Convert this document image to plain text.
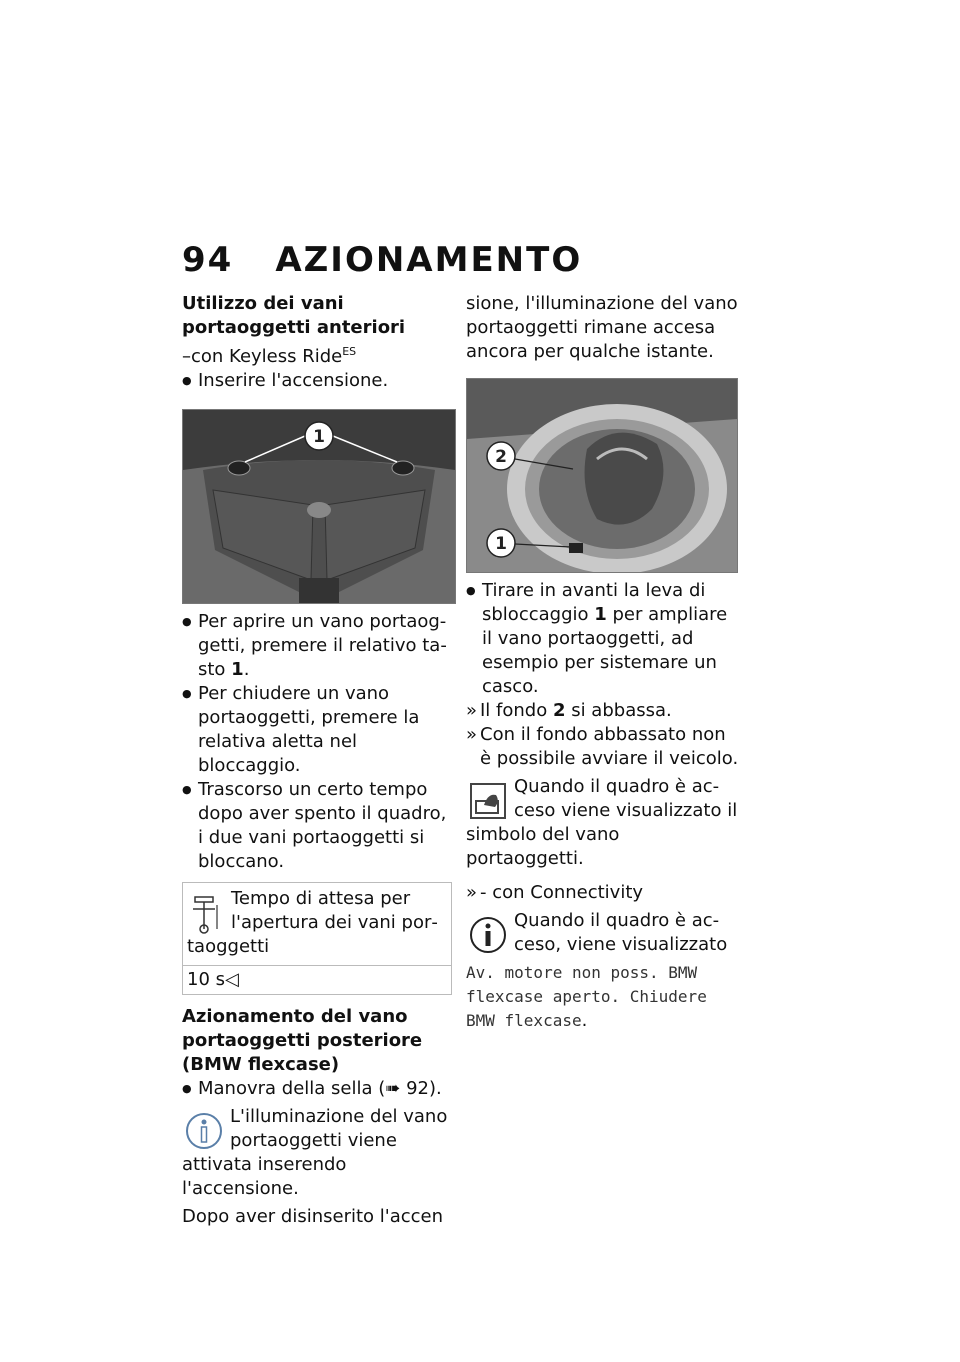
94 AZIONAMENTO
Utilizzo dei vani portaoggetti anteriori

–con Keyless Ride$^{ES}$

● Inserire l'accensione.

1

● Per aprire un vano portaoggetti, premere il relativo tasto 1.

● Per chiudere un vano portaoggetti, premere la relativa aletta nel bloccaggio.

● Trascorso un certo tempo dopo aver spento il quadro, i due vani portaoggetti si bloccano.

Tempo di attesa per l'apertura dei vani portaoggetti
10 s◁
Azionamento del vano portaoggetti posteriore (BMW flexcase)

● Manovra della sella (➠ 92).

L'illuminazione del vano portaoggetti viene attivata inserendo l'accensione.

Dopo aver disinserito l'accen

sione, l'illuminazione del vano portaoggetti rimane accesa ancora per qualche istante.

2
1

● Tirare in avanti la leva di sbloccaggio 1 per ampliare il vano portaoggetti, ad esempio per sistemare un casco.

» Il fondo 2 si abbassa.

» Con il fondo abbassato non è possibile avviare il veicolo.

Quando il quadro è acceso viene visualizzato il simbolo del vano portaoggetti.

» - con Connectivity

Quando il quadro è acceso, viene visualizzato

Av. motore non poss. BMW flexcase aperto. Chiudere BMW flexcase.
